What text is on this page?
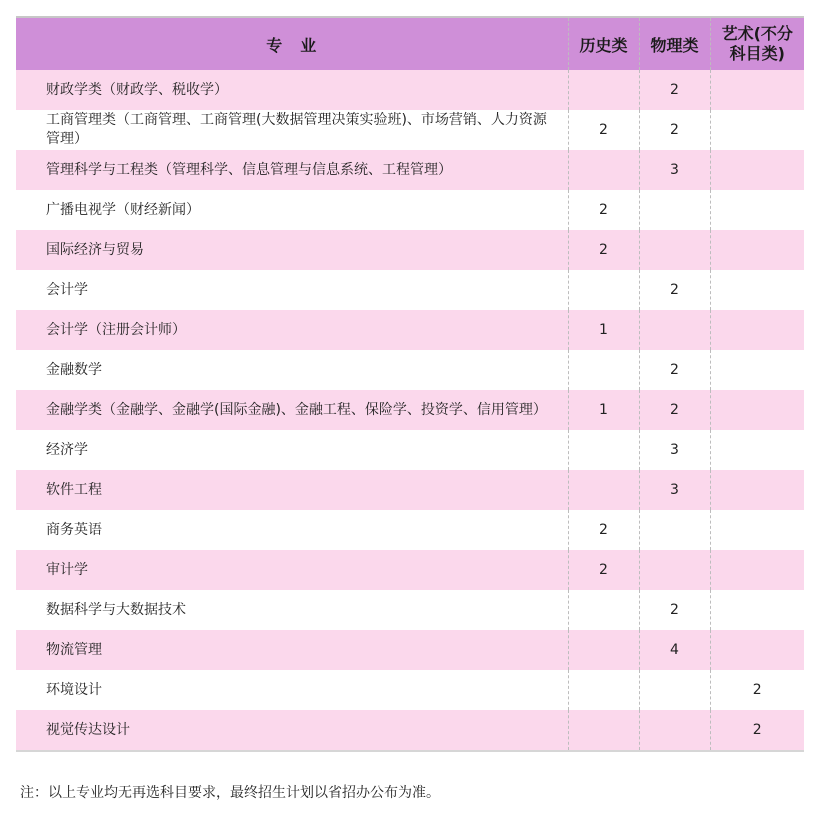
专　业	历史类	物理类	艺术(不分
科目类)
财政学类（财政学、税收学）		2	
工商管理类（工商管理、工商管理(大数据管理决策实验班)、市场营销、人力资源管理）	2	2	
管理科学与工程类（管理科学、信息管理与信息系统、工程管理）		3	
广播电视学（财经新闻）	2		
国际经济与贸易	2		
会计学		2	
会计学（注册会计师）	1		
金融数学		2	
金融学类（金融学、金融学(国际金融)、金融工程、保险学、投资学、信用管理）	1	2	
经济学		3	
软件工程		3	
商务英语	2		
审计学	2		
数据科学与大数据技术		2	
物流管理		4	
环境设计			2
视觉传达设计			2
注：以上专业均无再选科目要求，最终招生计划以省招办公布为准。
